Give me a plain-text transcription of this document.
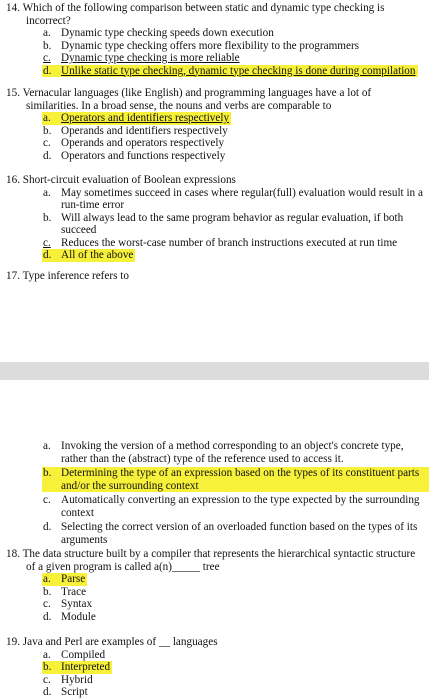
14. Which of the following comparison between static and dynamic type checking is

incorrect?

a. Dynamic type checking speeds down execution
b. Dynamic type checking offers more flexibility to the programmers
c. Dynamic type checking is more reliable
d. Unlike static type checking, dynamic type checking is done during compilation

15. Vernacular languages (like English) and programming languages have a lot of

similarities. In a broad sense, the nouns and verbs are comparable to

a. Operators and identifiers respectively
b. Operands and identifiers respectively
c. Operands and operators respectively
d. Operators and functions respectively

16. Short-circuit evaluation of Boolean expressions

a. May sometimes succeed in cases where regular(full) evaluation would result in a
run-time error
b. Will always lead to the same program behavior as regular evaluation, if both
succeed
c. Reduces the worst-case number of branch instructions executed at run time
d. All of the above

17. Type inference refers to

a. Invoking the version of a method corresponding to an object's concrete type,
rather than the (abstract) type of the reference used to access it.
b. Determining the type of an expression based on the types of its constituent parts
and/or the surrounding context
c. Automatically converting an expression to the type expected by the surrounding
context
d. Selecting the correct version of an overloaded function based on the types of its
arguments

18. The data structure built by a compiler that represents the hierarchical syntactic structure

of a given program is called a(n)_____ tree

a. Parse
b. Trace
c. Syntax
d. Module

19. Java and Perl are examples of __ languages

a. Compiled
b. Interpreted
c. Hybrid
d. Script
